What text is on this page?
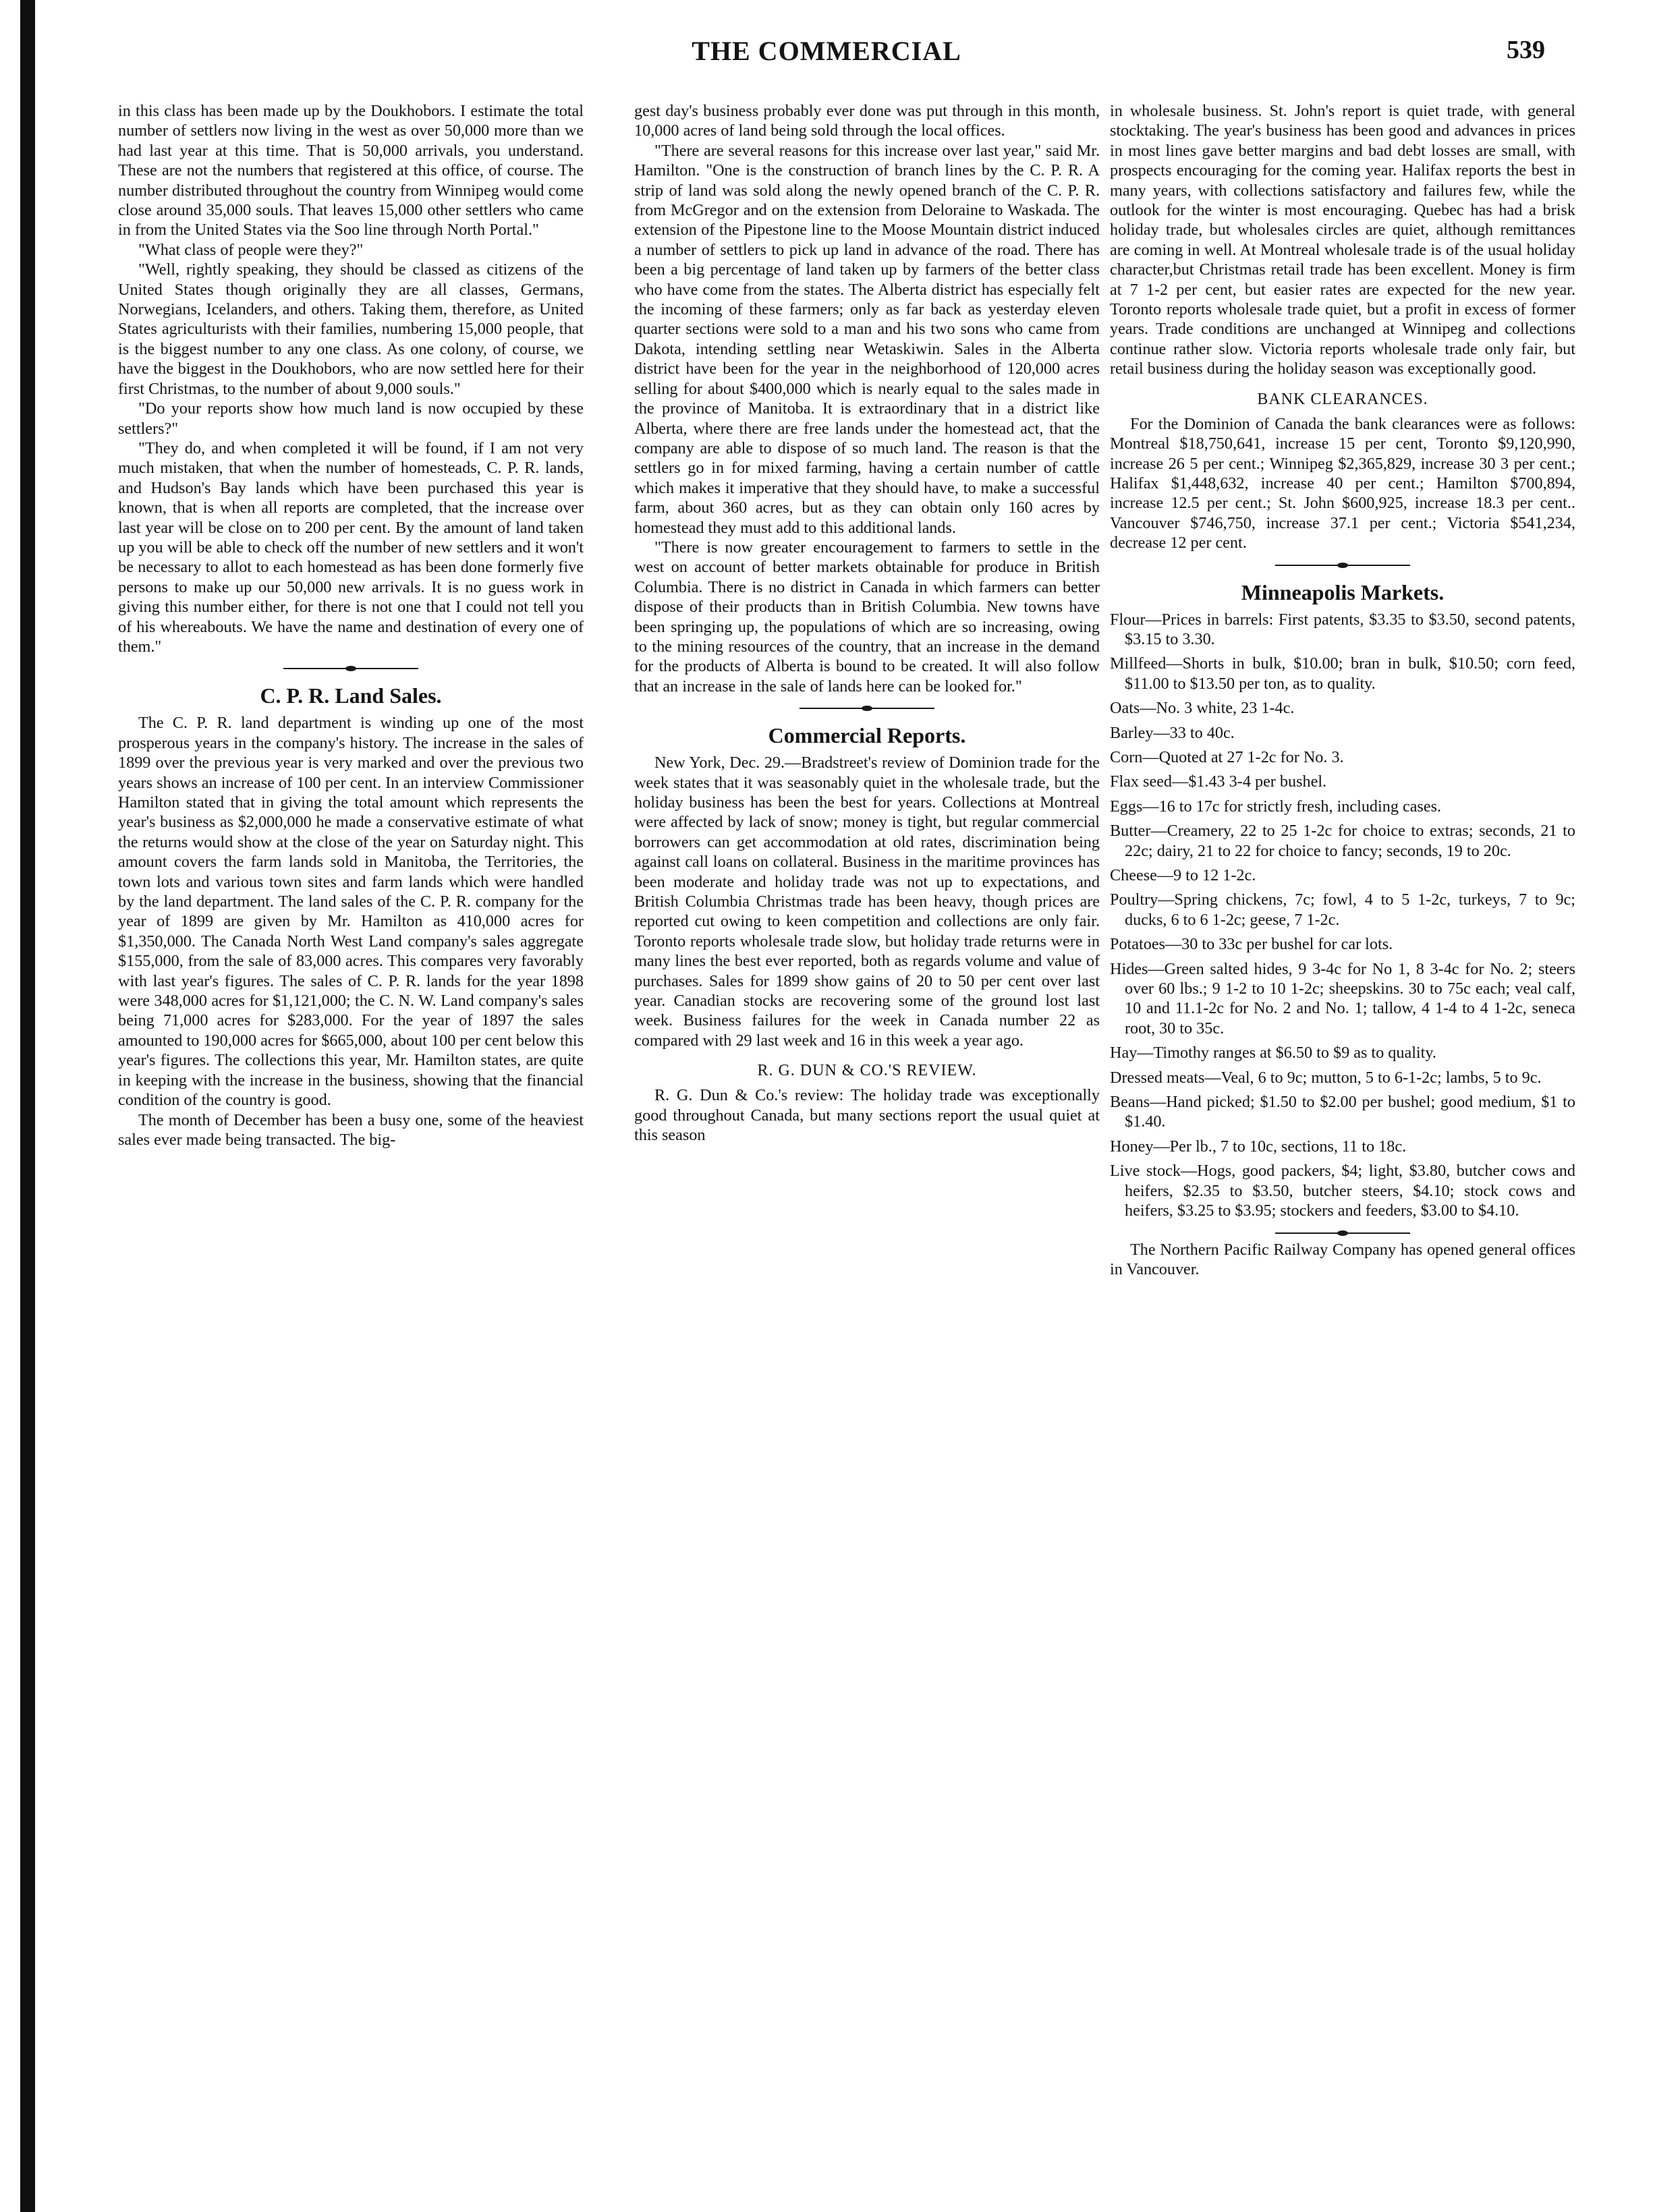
THE COMMERCIAL	539

in this class has been made up by the Doukhobors. I estimate the total number of settlers now living in the west as over 50,000 more than we had last year at this time. That is 50,000 arrivals, you understand. These are not the numbers that registered at this office, of course. The number distributed throughout the country from Winnipeg would come close around 35,000 souls. That leaves 15,000 other settlers who came in from the United States via the Soo line through North Portal."

"What class of people were they?"

"Well, rightly speaking, they should be classed as citizens of the United States though originally they are all classes, Germans, Norwegians, Icelanders, and others. Taking them, therefore, as United States agriculturists with their families, numbering 15,000 people, that is the biggest number to any one class. As one colony, of course, we have the biggest in the Doukhobors, who are now settled here for their first Christmas, to the number of about 9,000 souls."

"Do your reports show how much land is now occupied by these settlers?"

"They do, and when completed it will be found, if I am not very much mistaken, that when the number of homesteads, C. P. R. lands, and Hudson's Bay lands which have been purchased this year is known, that is when all reports are completed, that the increase over last year will be close on to 200 per cent. By the amount of land taken up you will be able to check off the number of new settlers and it won't be necessary to allot to each homestead as has been done formerly five persons to make up our 50,000 new arrivals. It is no guess work in giving this number either, for there is not one that I could not tell you of his whereabouts. We have the name and destination of every one of them."

C. P. R. Land Sales.

The C. P. R. land department is winding up one of the most prosperous years in the company's history. The increase in the sales of 1899 over the previous year is very marked and over the previous two years shows an increase of 100 per cent. In an interview Commissioner Hamilton stated that in giving the total amount which represents the year's business as $2,000,000 he made a conservative estimate of what the returns would show at the close of the year on Saturday night. This amount covers the farm lands sold in Manitoba, the Territories, the town lots and various town sites and farm lands which were handled by the land department. The land sales of the C. P. R. company for the year of 1899 are given by Mr. Hamilton as 410,000 acres for $1,350,000. The Canada North West Land company's sales aggregate $155,000, from the sale of 83,000 acres. This compares very favorably with last year's figures. The sales of C. P. R. lands for the year 1898 were 348,000 acres for $1,121,000; the C. N. W. Land company's sales being 71,000 acres for $283,000. For the year of 1897 the sales amounted to 190,000 acres for $665,000, about 100 per cent below this year's figures. The collections this year, Mr. Hamilton states, are quite in keeping with the increase in the business, showing that the financial condition of the country is good.

The month of December has been a busy one, some of the heaviest sales ever made being transacted. The big-

gest day's business probably ever done was put through in this month, 10,000 acres of land being sold through the local offices.

"There are several reasons for this increase over last year," said Mr. Hamilton. "One is the construction of branch lines by the C. P. R. A strip of land was sold along the newly opened branch of the C. P. R. from McGregor and on the extension from Deloraine to Waskada. The extension of the Pipestone line to the Moose Mountain district induced a number of settlers to pick up land in advance of the road. There has been a big percentage of land taken up by farmers of the better class who have come from the states. The Alberta district has especially felt the incoming of these farmers; only as far back as yesterday eleven quarter sections were sold to a man and his two sons who came from Dakota, intending settling near Wetaskiwin. Sales in the Alberta district have been for the year in the neighborhood of 120,000 acres selling for about $400,000 which is nearly equal to the sales made in the province of Manitoba. It is extraordinary that in a district like Alberta, where there are free lands under the homestead act, that the company are able to dispose of so much land. The reason is that the settlers go in for mixed farming, having a certain number of cattle which makes it imperative that they should have, to make a successful farm, about 360 acres, but as they can obtain only 160 acres by homestead they must add to this additional lands.

"There is now greater encouragement to farmers to settle in the west on account of better markets obtainable for produce in British Columbia. There is no district in Canada in which farmers can better dispose of their products than in British Columbia. New towns have been springing up, the populations of which are so increasing, owing to the mining resources of the country, that an increase in the demand for the products of Alberta is bound to be created. It will also follow that an increase in the sale of lands here can be looked for."

Commercial Reports.

New York, Dec. 29.—Bradstreet's review of Dominion trade for the week states that it was seasonably quiet in the wholesale trade, but the holiday business has been the best for years. Collections at Montreal were affected by lack of snow; money is tight, but regular commercial borrowers can get accommodation at old rates, discrimination being against call loans on collateral. Business in the maritime provinces has been moderate and holiday trade was not up to expectations, and British Columbia Christmas trade has been heavy, though prices are reported cut owing to keen competition and collections are only fair. Toronto reports wholesale trade slow, but holiday trade returns were in many lines the best ever reported, both as regards volume and value of purchases. Sales for 1899 show gains of 20 to 50 per cent over last year. Canadian stocks are recovering some of the ground lost last week. Business failures for the week in Canada number 22 as compared with 29 last week and 16 in this week a year ago.

R. G. DUN & CO.'S REVIEW.

R. G. Dun & Co.'s review: The holiday trade was exceptionally good throughout Canada, but many sections report the usual quiet at this season

in wholesale business. St. John's report is quiet trade, with general stocktaking. The year's business has been good and advances in prices in most lines gave better margins and bad debt losses are small, with prospects encouraging for the coming year. Halifax reports the best in many years, with collections satisfactory and failures few, while the outlook for the winter is most encouraging. Quebec has had a brisk holiday trade, but wholesales circles are quiet, although remittances are coming in well. At Montreal wholesale trade is of the usual holiday character,but Christmas retail trade has been excellent. Money is firm at 7 1-2 per cent, but easier rates are expected for the new year. Toronto reports wholesale trade quiet, but a profit in excess of former years. Trade conditions are unchanged at Winnipeg and collections continue rather slow. Victoria reports wholesale trade only fair, but retail business during the holiday season was exceptionally good.

BANK CLEARANCES.

For the Dominion of Canada the bank clearances were as follows: Montreal $18,750,641, increase 15 per cent, Toronto $9,120,990, increase 26 5 per cent.; Winnipeg $2,365,829, increase 30 3 per cent.; Halifax $1,448,632, increase 40 per cent.; Hamilton $700,894, increase 12.5 per cent.; St. John $600,925, increase 18.3 per cent.. Vancouver $746,750, increase 37.1 per cent.; Victoria $541,234, decrease 12 per cent.

Minneapolis Markets.

Flour—Prices in barrels: First patents, $3.35 to $3.50, second patents, $3.15 to 3.30.

Millfeed—Shorts in bulk, $10.00; bran in bulk, $10.50; corn feed, $11.00 to $13.50 per ton, as to quality.

Oats—No. 3 white, 23 1-4c.

Barley—33 to 40c.

Corn—Quoted at 27 1-2c for No. 3.

Flax seed—$1.43 3-4 per bushel.

Eggs—16 to 17c for strictly fresh, including cases.

Butter—Creamery, 22 to 25 1-2c for choice to extras; seconds, 21 to 22c; dairy, 21 to 22 for choice to fancy; seconds, 19 to 20c.

Cheese—9 to 12 1-2c.

Poultry—Spring chickens, 7c; fowl, 4 to 5 1-2c, turkeys, 7 to 9c; ducks, 6 to 6 1-2c; geese, 7 1-2c.

Potatoes—30 to 33c per bushel for car lots.

Hides—Green salted hides, 9 3-4c for No 1, 8 3-4c for No. 2; steers over 60 lbs.; 9 1-2 to 10 1-2c; sheepskins. 30 to 75c each; veal calf, 10 and 11.1-2c for No. 2 and No. 1; tallow, 4 1-4 to 4 1-2c, seneca root, 30 to 35c.

Hay—Timothy ranges at $6.50 to $9 as to quality.

Dressed meats—Veal, 6 to 9c; mutton, 5 to 6-1-2c; lambs, 5 to 9c.

Beans—Hand picked; $1.50 to $2.00 per bushel; good medium, $1 to $1.40.

Honey—Per lb., 7 to 10c, sections, 11 to 18c.

Live stock—Hogs, good packers, $4; light, $3.80, butcher cows and heifers, $2.35 to $3.50, butcher steers, $4.10; stock cows and heifers, $3.25 to $3.95; stockers and feeders, $3.00 to $4.10.

The Northern Pacific Railway Company has opened general offices in Vancouver.
